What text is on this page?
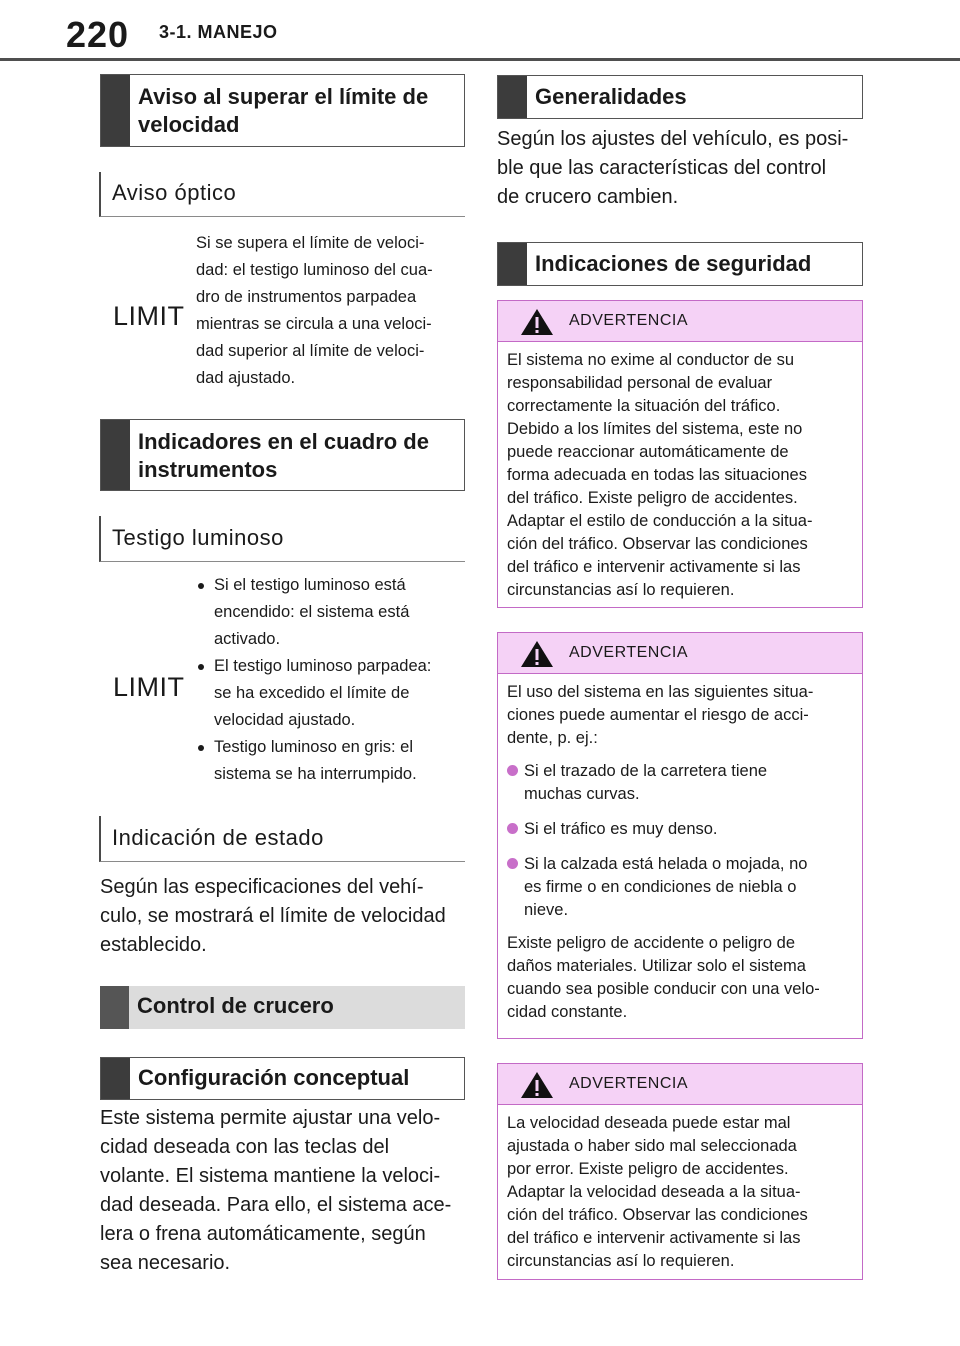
220 3-1. MANEJO
Aviso al superar el límite de velocidad
Aviso óptico
LIMIT
Si se supera el límite de veloci-
dad: el testigo luminoso del cua-
dro de instrumentos parpadea
mientras se circula a una veloci-
dad superior al límite de veloci-
dad ajustado.
Indicadores en el cuadro de instrumentos
Testigo luminoso
LIMIT
Si el testigo luminoso está
encendido: el sistema está
activado.
El testigo luminoso parpadea:
se ha excedido el límite de
velocidad ajustado.
Testigo luminoso en gris: el
sistema se ha interrumpido.
Indicación de estado
Según las especificaciones del vehí-
culo, se mostrará el límite de velocidad
establecido.
Control de crucero
Configuración conceptual
Este sistema permite ajustar una velo-
cidad deseada con las teclas del
volante. El sistema mantiene la veloci-
dad deseada. Para ello, el sistema ace-
lera o frena automáticamente, según
sea necesario.
Generalidades
Según los ajustes del vehículo, es posi-
ble que las características del control
de crucero cambien.
Indicaciones de seguridad
ADVERTENCIA

El sistema no exime al conductor de su
responsabilidad personal de evaluar
correctamente la situación del tráfico.
Debido a los límites del sistema, este no
puede reaccionar automáticamente de
forma adecuada en todas las situaciones
del tráfico. Existe peligro de accidentes.
Adaptar el estilo de conducción a la situa-
ción del tráfico. Observar las condiciones
del tráfico e intervenir activamente si las
circunstancias así lo requieren.

ADVERTENCIA

El uso del sistema en las siguientes situa-
ciones puede aumentar el riesgo de acci-
dente, p. ej.:

Si el trazado de la carretera tiene
muchas curvas.
Si el tráfico es muy denso.
Si la calzada está helada o mojada, no
es firme o en condiciones de niebla o
nieve.

Existe peligro de accidente o peligro de
daños materiales. Utilizar solo el sistema
cuando sea posible conducir con una velo-
cidad constante.

ADVERTENCIA

La velocidad deseada puede estar mal
ajustada o haber sido mal seleccionada
por error. Existe peligro de accidentes.
Adaptar la velocidad deseada a la situa-
ción del tráfico. Observar las condiciones
del tráfico e intervenir activamente si las
circunstancias así lo requieren.
